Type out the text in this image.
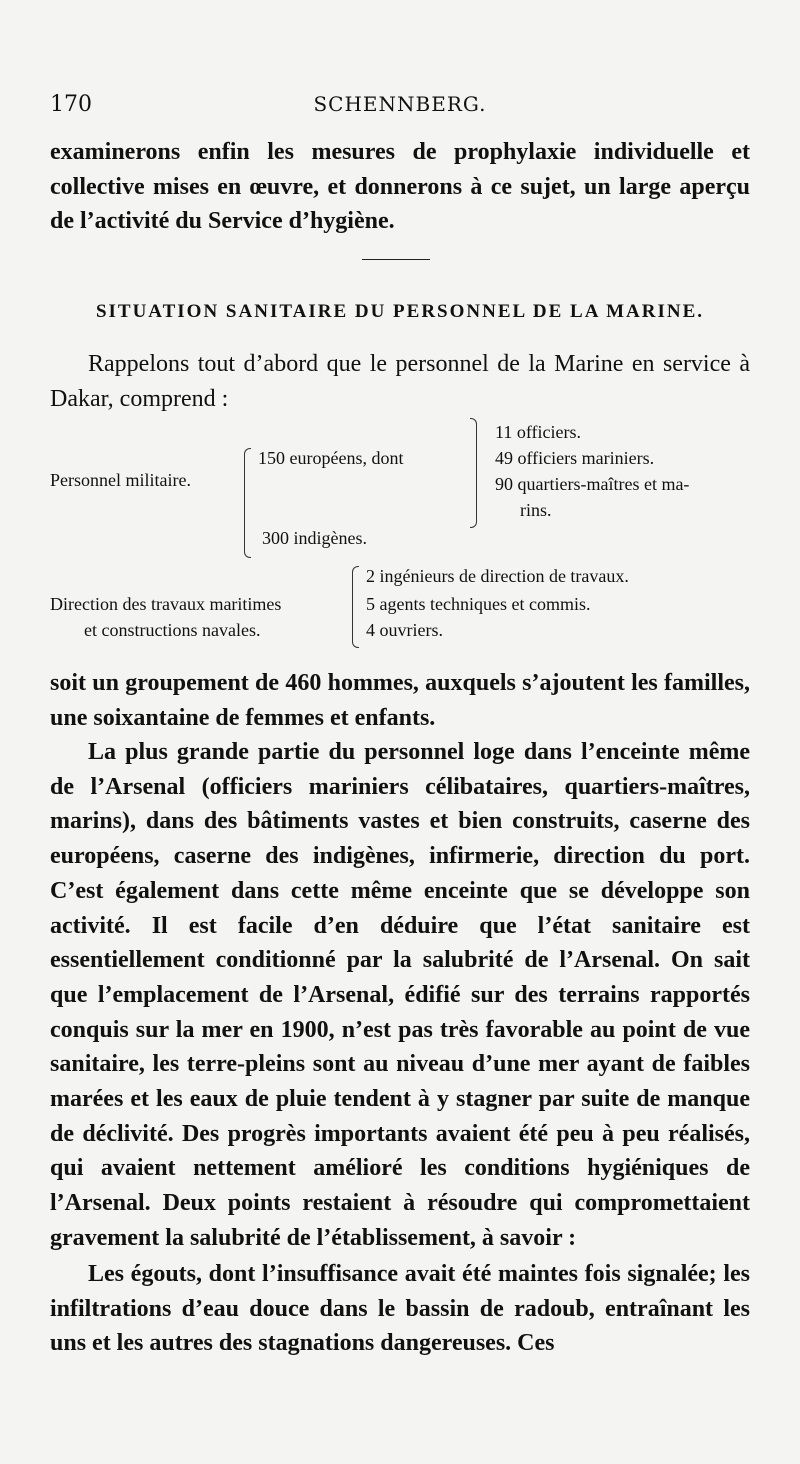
170	SCHENNBERG.

examinerons enfin les mesures de prophylaxie individuelle et collective mises en œuvre, et donnerons à ce sujet, un large aperçu de l’activité du Service d’hygiène.

SITUATION SANITAIRE DU PERSONNEL DE LA MARINE.

Rappelons tout d’abord que le personnel de la Marine en service à Dakar, comprend :

Personnel militaire.
150 européens, dont
300 indigènes.
11 officiers.
49 officiers mariniers.
90 quartiers-maîtres et ma-
rins.
Direction des travaux maritimes
et constructions navales.
2 ingénieurs de direction de travaux.
5 agents techniques et commis.
4 ouvriers.

soit un groupement de 460 hommes, auxquels s’ajoutent les familles, une soixantaine de femmes et enfants.

La plus grande partie du personnel loge dans l’enceinte même de l’Arsenal (officiers mariniers célibataires, quartiers-maîtres, marins), dans des bâtiments vastes et bien construits, caserne des européens, caserne des indigènes, infirmerie, direction du port. C’est également dans cette même enceinte que se développe son activité. Il est facile d’en déduire que l’état sanitaire est essentiellement conditionné par la salubrité de l’Arsenal. On sait que l’emplacement de l’Arsenal, édifié sur des terrains rapportés conquis sur la mer en 1900, n’est pas très favorable au point de vue sanitaire, les terre-pleins sont au niveau d’une mer ayant de faibles marées et les eaux de pluie tendent à y stagner par suite de manque de déclivité. Des progrès importants avaient été peu à peu réalisés, qui avaient nettement amélioré les conditions hygiéniques de l’Arsenal. Deux points restaient à résoudre qui compromettaient gravement la salubrité de l’établissement, à savoir :

Les égouts, dont l’insuffisance avait été maintes fois signalée; les infiltrations d’eau douce dans le bassin de radoub, entraînant les uns et les autres des stagnations dangereuses. Ces
